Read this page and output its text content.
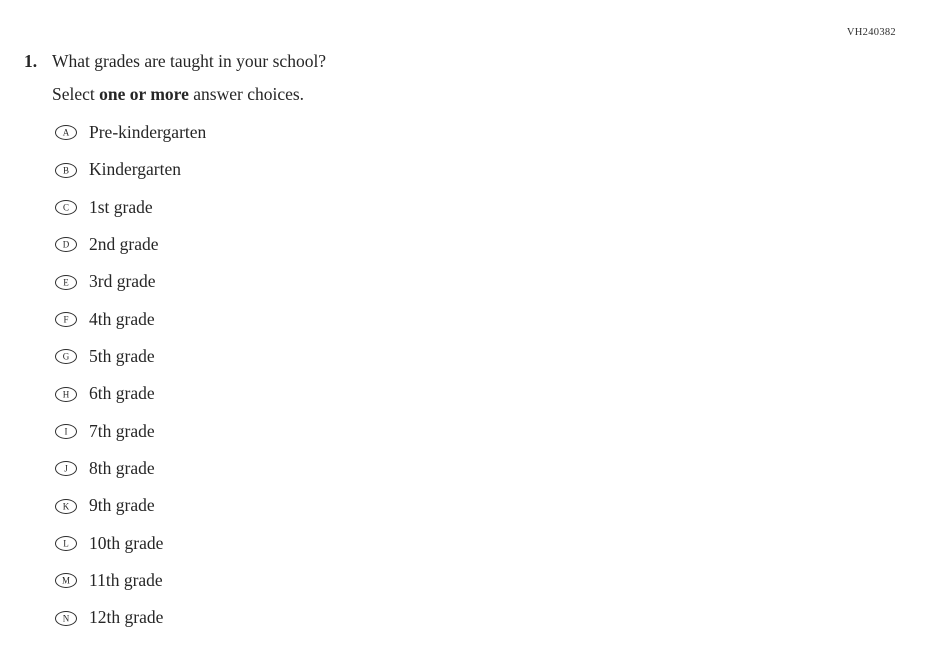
VH240382
1. What grades are taught in your school?
Select one or more answer choices.
A Pre-kindergarten
B Kindergarten
C 1st grade
D 2nd grade
E 3rd grade
F 4th grade
G 5th grade
H 6th grade
I 7th grade
J 8th grade
K 9th grade
L 10th grade
M 11th grade
N 12th grade
